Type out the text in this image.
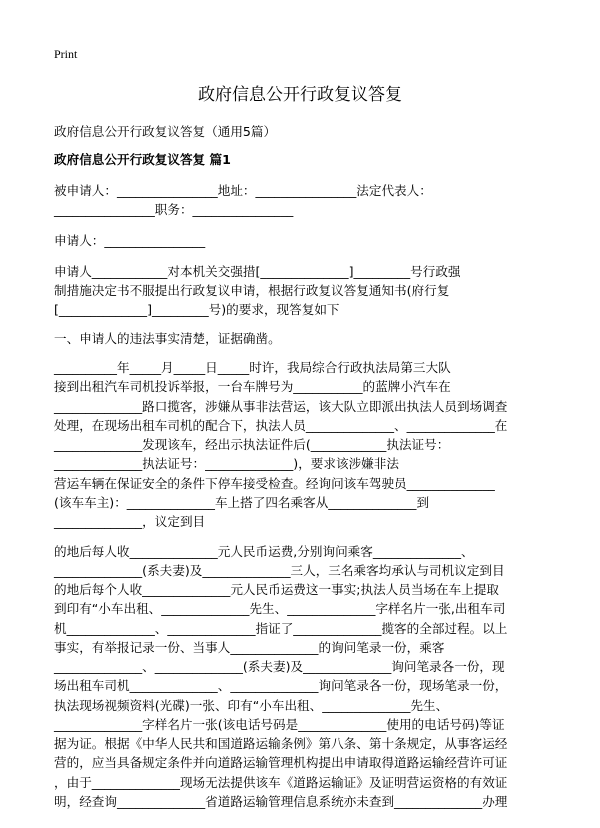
Print
政府信息公开行政复议答复
政府信息公开行政复议答复（通用5篇）
政府信息公开行政复议答复 篇1
被申请人：________________地址：________________法定代表人：
________________职务：________________
申请人：________________
申请人____________对本机关交强措[______________]_________号行政强
制措施决定书不服提出行政复议申请，根据行政复议答复通知书(府行复
[______________]_________号)的要求，现答复如下
一、申请人的违法事实清楚，证据确凿。
__________年_____月_____日_____时许，我局综合行政执法局第三大队
接到出租汽车司机投诉举报，一台车牌号为___________的蓝牌小汽车在
______________路口揽客，涉嫌从事非法营运，该大队立即派出执法人员到场调查
处理，在现场出租车司机的配合下，执法人员______________、______________在
______________发现该车，经出示执法证件后(____________执法证号：
______________执法证号：______________)，要求该涉嫌非法
营运车辆在保证安全的条件下停车接受检查。经询问该车驾驶员______________
(该车车主)：______________车上搭了四名乘客从______________到
______________，议定到目
的地后每人收______________元人民币运费,分别询问乘客______________、
______________(系夫妻)及______________三人，三名乘客均承认与司机议定到目
的地后每个人收______________元人民币运费这一事实;执法人员当场在车上提取
到印有“小车出租、______________先生、______________字样名片一张,出租车司
机______________、______________指证了______________揽客的全部过程。以上
事实，有举报记录一份、当事人______________的询问笔录一份，乘客
______________、______________(系夫妻)及______________询问笔录各一份，现
场出租车司机______________、______________询问笔录各一份，现场笔录一份，
执法现场视频资料(光碟)一张、印有“小车出租、______________先生、
______________字样名片一张(该电话号码是______________使用的电话号码)等证
据为证。根据《中华人民共和国道路运输条例》第八条、第十条规定，从事客运经
营的，应当具备规定条件并向道路运输管理机构提出申请取得道路运输经营许可证
，由于______________现场无法提供该车《道路运输证》及证明营运资格的有效证
明，经查询______________省道路运输管理信息系统亦未查到______________办理
